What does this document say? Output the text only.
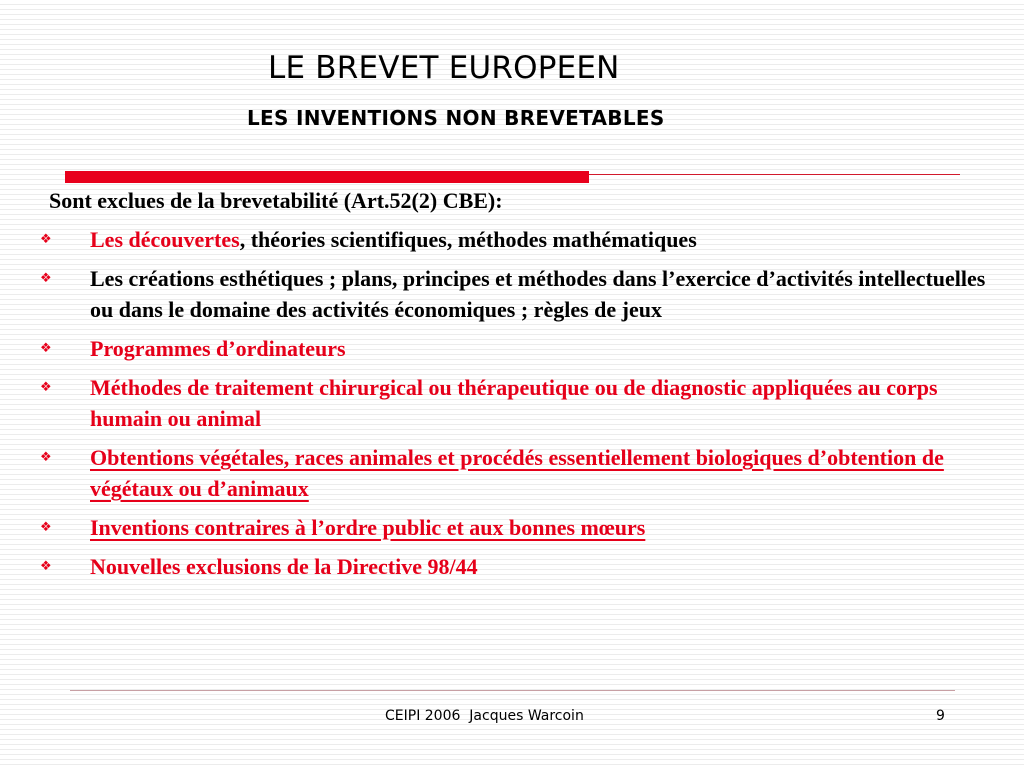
LE BREVET EUROPEEN
LES INVENTIONS NON BREVETABLES
Sont exclues de la brevetabilité (Art.52(2) CBE):
❖ Les découvertes, théories scientifiques, méthodes mathématiques
❖ Les créations esthétiques ; plans, principes et méthodes dans l’exercice d’activités intellectuelles ou dans le domaine des activités économiques ; règles de jeux
❖ Programmes d’ordinateurs
❖ Méthodes de traitement chirurgical ou thérapeutique ou de diagnostic appliquées au corps humain ou animal
❖ Obtentions végétales, races animales et procédés essentiellement biologiques d’obtention de végétaux ou d’animaux
❖ Inventions contraires à l’ordre public et aux bonnes mœurs
❖ Nouvelles exclusions de la Directive 98/44
CEIPI 2006  Jacques Warcoin	9
